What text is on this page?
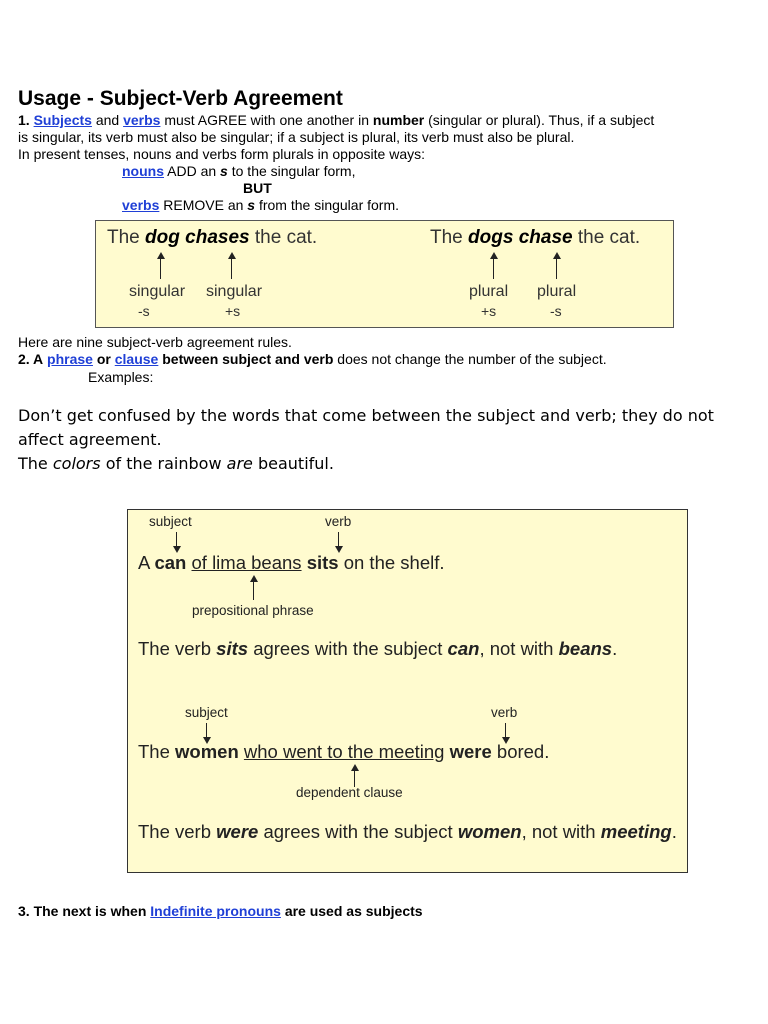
Usage - Subject-Verb Agreement
1. Subjects and verbs must AGREE with one another in number (singular or plural). Thus, if a subject
is singular, its verb must also be singular; if a subject is plural, its verb must also be plural.
In present tenses, nouns and verbs form plurals in opposite ways:
nouns ADD an s to the singular form,
BUT
verbs REMOVE an s from the singular form.
The dog chases the cat.
singular singular
-s	+s
The dogs chase the cat.
plural plural
+s	-s
Here are nine subject-verb agreement rules.
2. A phrase or clause between subject and verb does not change the number of the subject.
Examples:
Don’t get confused by the words that come between the subject and verb; they do not
affect agreement.
The colors of the rainbow are beautiful.
subject	verb
A can of lima beans sits on the shelf.
prepositional phrase
The verb sits agrees with the subject can, not with beans.
subject	verb
The women who went to the meeting were bored.
dependent clause
The verb were agrees with the subject women, not with meeting.
3. The next is when Indefinite pronouns are used as subjects
